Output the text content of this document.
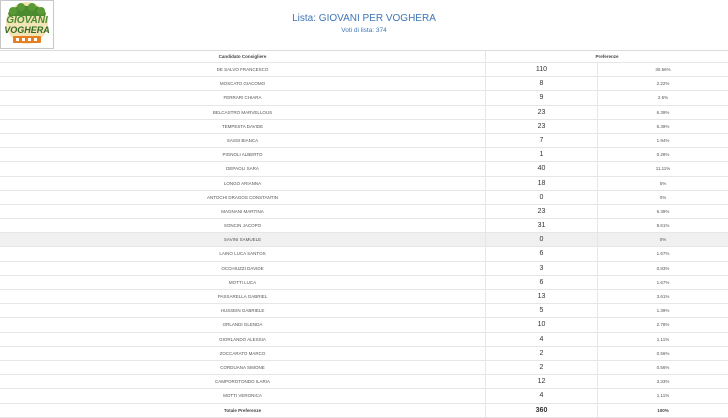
GIOVANI
VOGHERA
Lista: GIOVANI PER VOGHERA
Voti di lista: 374
Candidato Consigliere	Preferenze
DE SALVO FRANCESCO	110	30.56%
MOSCATO GIACOMO	8	2.22%
FERRARI CHIARA	9	2.5%
BELCASTRO MARVELLOUS	23	6.39%
TEMPESTA DAVIDE	23	6.39%
SASSI BIANCA	7	1.94%
PIGNOLI ALBERTO	1	0.28%
DEPAOLI SARA	40	11.11%
LONGO ARIANNA	18	5%
ANTOCHI DRAGOS CONSTANTIN	0	0%
MAGNANI MARTINA	23	6.39%
SONCIN JACOPO	31	8.61%
SAVINI SAMUELE	0	0%
LAINO LUCA SANTOS	6	1.67%
OCCHIUZZI DAVIDE	3	0.83%
MOTTI LUCA	6	1.67%
PASSARELLA GABRIEL	13	3.61%
HUSSEIN GABRIELE	5	1.39%
ORLANDI GLENDA	10	2.78%
GIORLANDO ALESSIA	4	1.11%
ZOCCARATO MARCO	2	0.56%
CORDUANA SIMONE	2	0.56%
CAMPOROTONDO ILARIA	12	3.33%
MOTTI VERONICA	4	1.11%
Totale Preferenze	360	100%
